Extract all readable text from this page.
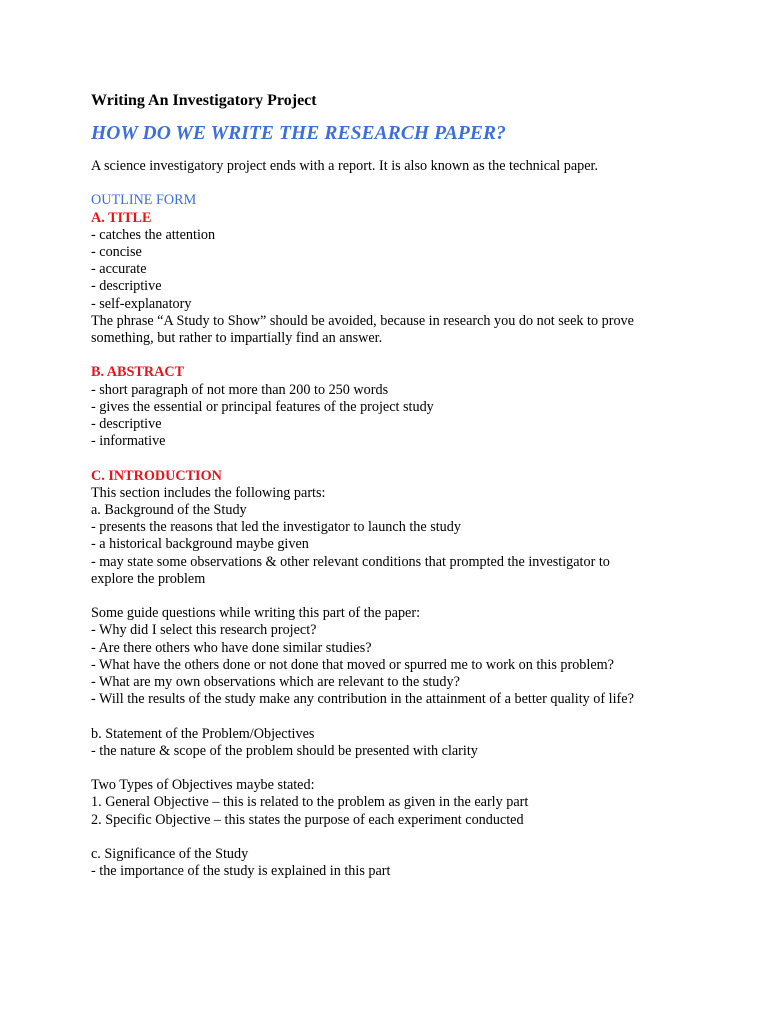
Writing An Investigatory Project
HOW DO WE WRITE THE RESEARCH PAPER?
A science investigatory project ends with a report. It is also known as the technical paper.
OUTLINE FORM
A. TITLE
- catches the attention
- concise
- accurate
- descriptive
- self-explanatory
The phrase “A Study to Show” should be avoided, because in research you do not seek to prove
something, but rather to impartially find an answer.
B. ABSTRACT
- short paragraph of not more than 200 to 250 words
- gives the essential or principal features of the project study
- descriptive
- informative
C. INTRODUCTION
This section includes the following parts:
a. Background of the Study
- presents the reasons that led the investigator to launch the study
- a historical background maybe given
- may state some observations & other relevant conditions that prompted the investigator to
explore the problem
Some guide questions while writing this part of the paper:
- Why did I select this research project?
- Are there others who have done similar studies?
- What have the others done or not done that moved or spurred me to work on this problem?
- What are my own observations which are relevant to the study?
- Will the results of the study make any contribution in the attainment of a better quality of life?
b. Statement of the Problem/Objectives
- the nature & scope of the problem should be presented with clarity
Two Types of Objectives maybe stated:
1. General Objective – this is related to the problem as given in the early part
2. Specific Objective – this states the purpose of each experiment conducted
c. Significance of the Study
- the importance of the study is explained in this part
